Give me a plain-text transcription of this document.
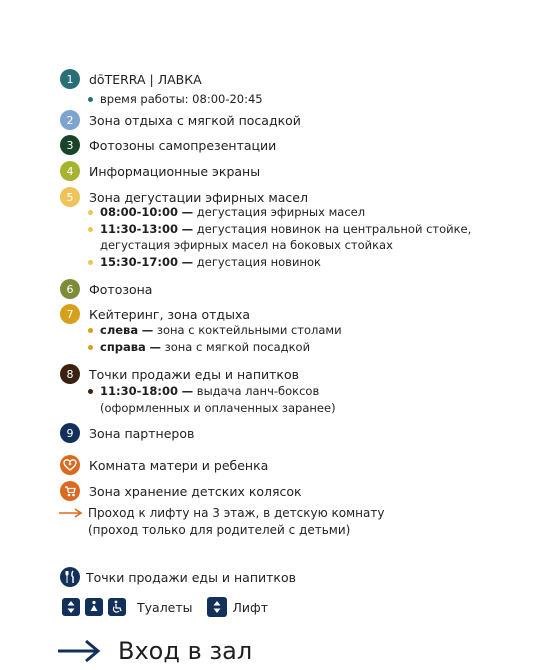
1	dōTERRA | ЛАВКА
время работы: 08:00-20:45
2	Зона отдыха с мягкой посадкой
3	Фотозоны самопрезентации
4	Информационные экраны
5	Зона дегустации эфирных масел
08:00-10:00 — дегустация эфирных масел
11:30-13:00 — дегустация новинок на центральной стойке,
дегустация эфирных масел на боковых стойках
15:30-17:00 — дегустация новинок
6	Фотозона
7	Кейтеринг, зона отдыха
слева — зона с коктейльными столами
справа — зона с мягкой посадкой
8	Точки продажи еды и напитков
11:30-18:00 — выдача ланч-боксов
(оформленных и оплаченных заранее)
9	Зона партнеров
Комната матери и ребенка
Зона хранение детских колясок
Проход к лифту на 3 этаж, в детскую комнату
(проход только для родителей с детьми)
Точки продажи еды и напитков
Туалеты	Лифт
Вход в зал
